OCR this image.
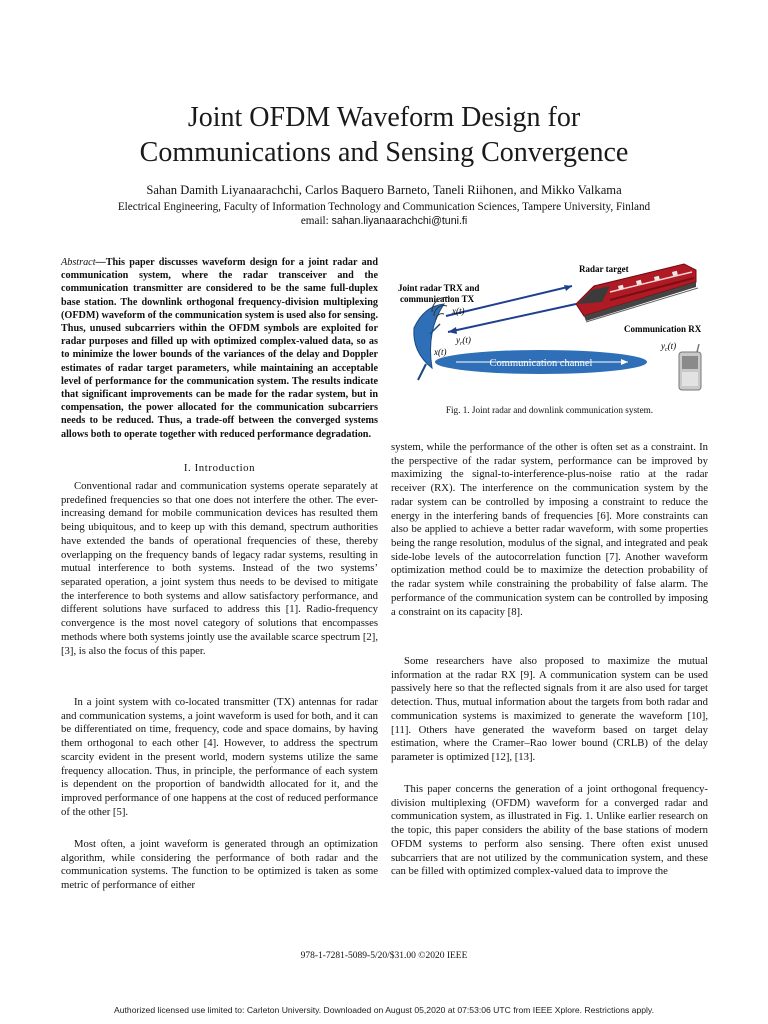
Joint OFDM Waveform Design for
Communications and Sensing Convergence
Sahan Damith Liyanaarachchi, Carlos Baquero Barneto, Taneli Riihonen, and Mikko Valkama
Electrical Engineering, Faculty of Information Technology and Communication Sciences, Tampere University, Finland
email: sahan.liyanaarachchi@tuni.fi
Abstract—This paper discusses waveform design for a joint radar and communication system, where the radar transceiver and the communication transmitter are considered to be the same full-duplex base station. The downlink orthogonal frequency-division multiplexing (OFDM) waveform of the communication system is used also for sensing. Thus, unused subcarriers within the OFDM symbols are exploited for radar purposes and filled up with optimized complex-valued data, so as to minimize the lower bounds of the variances of the delay and Doppler estimates of radar target parameters, while maintaining an acceptable level of performance for the communication system. The results indicate that significant improvements can be made for the radar system, but in compensation, the power allocated for the communication subcarriers needs to be reduced. Thus, a trade-off between the converged systems allows both to operate together with reduced performance degradation.
I. Introduction
Conventional radar and communication systems operate separately at predefined frequencies so that one does not interfere the other. The ever-increasing demand for mobile communication devices has resulted them being ubiquitous, and to keep up with this demand, spectrum authorities have extended the bands of operational frequencies of these, thereby overlapping on the frequency bands of legacy radar systems, resulting in mutual interference to both systems. Instead of the two systems’ separated operation, a joint system thus needs to be devised to mitigate the interference to both systems and allow satisfactory performance, and different solutions have surfaced to address this [1]. Radio-frequency convergence is the most novel category of solutions that encompasses methods where both systems jointly use the available scarce spectrum [2], [3], is also the focus of this paper.
In a joint system with co-located transmitter (TX) antennas for radar and communication systems, a joint waveform is used for both, and it can be differentiated on time, frequency, code and space domains, by having them orthogonal to each other [4]. However, to address the spectrum scarcity evident in the present world, modern systems utilize the same frequency allocation. Thus, in principle, the performance of each system is dependent on the proportion of bandwidth allocated for it, and the improved performance of one happens at the cost of reduced performance of the other [5].
Most often, a joint waveform is generated through an optimization algorithm, while considering the performance of both radar and the communication systems. The function to be optimized is taken as some metric of performance of either
system, while the performance of the other is often set as a constraint. In the perspective of the radar system, performance can be improved by maximizing the signal-to-interference-plus-noise ratio at the radar receiver (RX). The interference on the communication system by the radar system can be controlled by imposing a constraint to reduce the energy in the interfering bands of frequencies [6]. More constraints can also be applied to achieve a better radar waveform, with some properties being the range resolution, modulus of the signal, and integrated and peak side-lobe levels of the autocorrelation function [7]. Another waveform optimization method could be to maximize the detection probability of the radar system while constraining the probability of false alarm. The performance of the communication system can be controlled by imposing a constraint on its capacity [8].
Some researchers have also proposed to maximize the mutual information at the radar RX [9]. A communication system can be used passively here so that the reflected signals from it are also used for target detection. Thus, mutual information about the targets from both radar and communication systems is maximized to generate the waveform [10], [11]. Others have generated the waveform based on target delay estimation, where the Cramer–Rao lower bound (CRLB) of the delay parameter is optimized [12], [13].
This paper concerns the generation of a joint orthogonal frequency-division multiplexing (OFDM) waveform for a converged radar and communication system, as illustrated in Fig. 1. Unlike earlier research on the topic, this paper considers the ability of the base stations of modern OFDM systems to perform also sensing. There often exist unused subcarriers that are not utilized by the communication system, and these can be filled with optimized complex-valued data to improve the
Radar target
Joint radar TRX and
communication TX
Communication RX
x(t)
$y_r(t)$
x(t)
$y_c(t)$
Communication channel
Fig. 1. Joint radar and downlink communication system.
978-1-7281-5089-5/20/$31.00 ©2020 IEEE
Authorized licensed use limited to: Carleton University. Downloaded on August 05,2020 at 07:53:06 UTC from IEEE Xplore. Restrictions apply.
